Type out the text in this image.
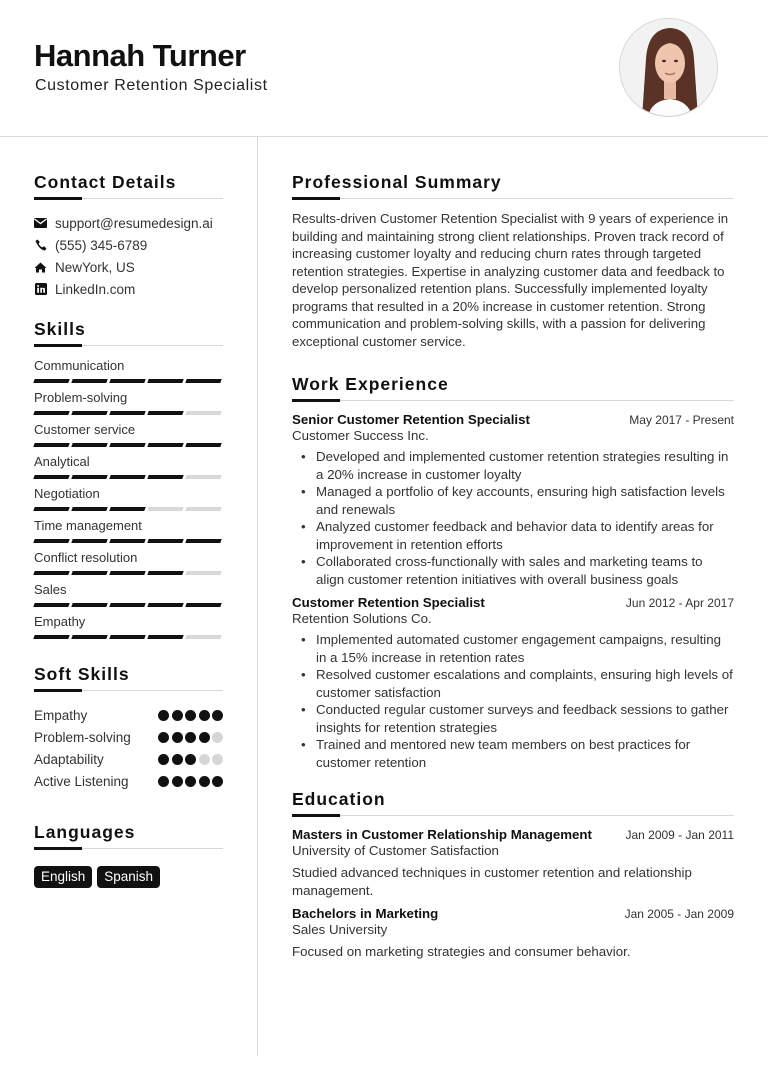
Hannah Turner
Customer Retention Specialist
Contact Details
support@resumedesign.ai
(555) 345-6789
NewYork, US
LinkedIn.com
Skills
Communication
Problem-solving
Customer service
Analytical
Negotiation
Time management
Conflict resolution
Sales
Empathy
Soft Skills
Empathy
Problem-solving
Adaptability
Active Listening
Languages
English	Spanish
Professional Summary

Results-driven Customer Retention Specialist with 9 years of experience in building and maintaining strong client relationships. Proven track record of increasing customer loyalty and reducing churn rates through targeted retention strategies. Expertise in analyzing customer data and feedback to develop personalized retention plans. Successfully implemented loyalty programs that resulted in a 20% increase in customer retention. Strong communication and problem-solving skills, with a passion for delivering exceptional customer service.

Work Experience
Senior Customer Retention Specialist	May 2017 - Present
Customer Success Inc.
• Developed and implemented customer retention strategies resulting in a 20% increase in customer loyalty
• Managed a portfolio of key accounts, ensuring high satisfaction levels and renewals
• Analyzed customer feedback and behavior data to identify areas for improvement in retention efforts
• Collaborated cross-functionally with sales and marketing teams to align customer retention initiatives with overall business goals
Customer Retention Specialist	Jun 2012 - Apr 2017
Retention Solutions Co.
• Implemented automated customer engagement campaigns, resulting in a 15% increase in retention rates
• Resolved customer escalations and complaints, ensuring high levels of customer satisfaction
• Conducted regular customer surveys and feedback sessions to gather insights for retention strategies
• Trained and mentored new team members on best practices for customer retention
Education
Masters in Customer Relationship Management	Jan 2009 - Jan 2011
University of Customer Satisfaction
Studied advanced techniques in customer retention and relationship management.
Bachelors in Marketing	Jan 2005 - Jan 2009
Sales University
Focused on marketing strategies and consumer behavior.
